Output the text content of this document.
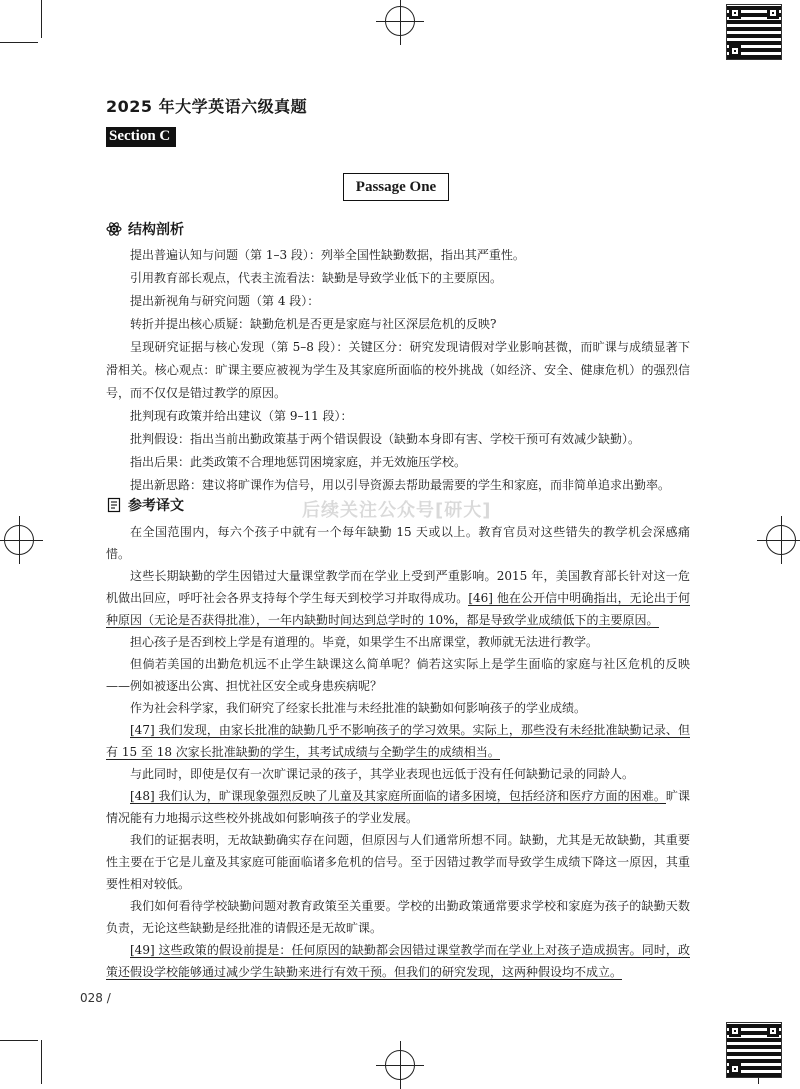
2025 年大学英语六级真题
Section C
Passage One
结构剖析

提出普遍认知与问题（第 1–3 段）：列举全国性缺勤数据，指出其严重性。

引用教育部长观点，代表主流看法：缺勤是导致学业低下的主要原因。

提出新视角与研究问题（第 4 段）：

转折并提出核心质疑：缺勤危机是否更是家庭与社区深层危机的反映?

呈现研究证据与核心发现（第 5–8 段）：关键区分：研究发现请假对学业影响甚微，而旷课与成绩显著下滑相关。核心观点：旷课主要应被视为学生及其家庭所面临的校外挑战（如经济、安全、健康危机）的强烈信号，而不仅仅是错过教学的原因。

批判现有政策并给出建议（第 9–11 段）：

批判假设：指出当前出勤政策基于两个错误假设（缺勤本身即有害、学校干预可有效减少缺勤）。

指出后果：此类政策不合理地惩罚困境家庭，并无效施压学校。

提出新思路：建议将旷课作为信号，用以引导资源去帮助最需要的学生和家庭，而非简单追求出勤率。

参考译文	后续关注公众号[研大]

在全国范围内，每六个孩子中就有一个每年缺勤 15 天或以上。教育官员对这些错失的教学机会深感痛惜。

这些长期缺勤的学生因错过大量课堂教学而在学业上受到严重影响。2015 年，美国教育部长针对这一危机做出回应，呼吁社会各界支持每个学生每天到校学习并取得成功。[46] 他在公开信中明确指出，无论出于何种原因（无论是否获得批准），一年内缺勤时间达到总学时的 10%，都是导致学业成绩低下的主要原因。

担心孩子是否到校上学是有道理的。毕竟，如果学生不出席课堂，教师就无法进行教学。

但倘若美国的出勤危机远不止学生缺课这么简单呢？倘若这实际上是学生面临的家庭与社区危机的反映——例如被逐出公寓、担忧社区安全或身患疾病呢？

作为社会科学家，我们研究了经家长批准与未经批准的缺勤如何影响孩子的学业成绩。

[47] 我们发现，由家长批准的缺勤几乎不影响孩子的学习效果。实际上，那些没有未经批准缺勤记录、但有 15 至 18 次家长批准缺勤的学生，其考试成绩与全勤学生的成绩相当。

与此同时，即使是仅有一次旷课记录的孩子，其学业表现也远低于没有任何缺勤记录的同龄人。

[48] 我们认为，旷课现象强烈反映了儿童及其家庭所面临的诸多困境，包括经济和医疗方面的困难。旷课情况能有力地揭示这些校外挑战如何影响孩子的学业发展。

我们的证据表明，无故缺勤确实存在问题，但原因与人们通常所想不同。缺勤，尤其是无故缺勤，其重要性主要在于它是儿童及其家庭可能面临诸多危机的信号。至于因错过教学而导致学生成绩下降这一原因，其重要性相对较低。

我们如何看待学校缺勤问题对教育政策至关重要。学校的出勤政策通常要求学校和家庭为孩子的缺勤天数负责，无论这些缺勤是经批准的请假还是无故旷课。

[49] 这些政策的假设前提是：任何原因的缺勤都会因错过课堂教学而在学业上对孩子造成损害。同时，政策还假设学校能够通过减少学生缺勤来进行有效干预。但我们的研究发现，这两种假设均不成立。

028 /
